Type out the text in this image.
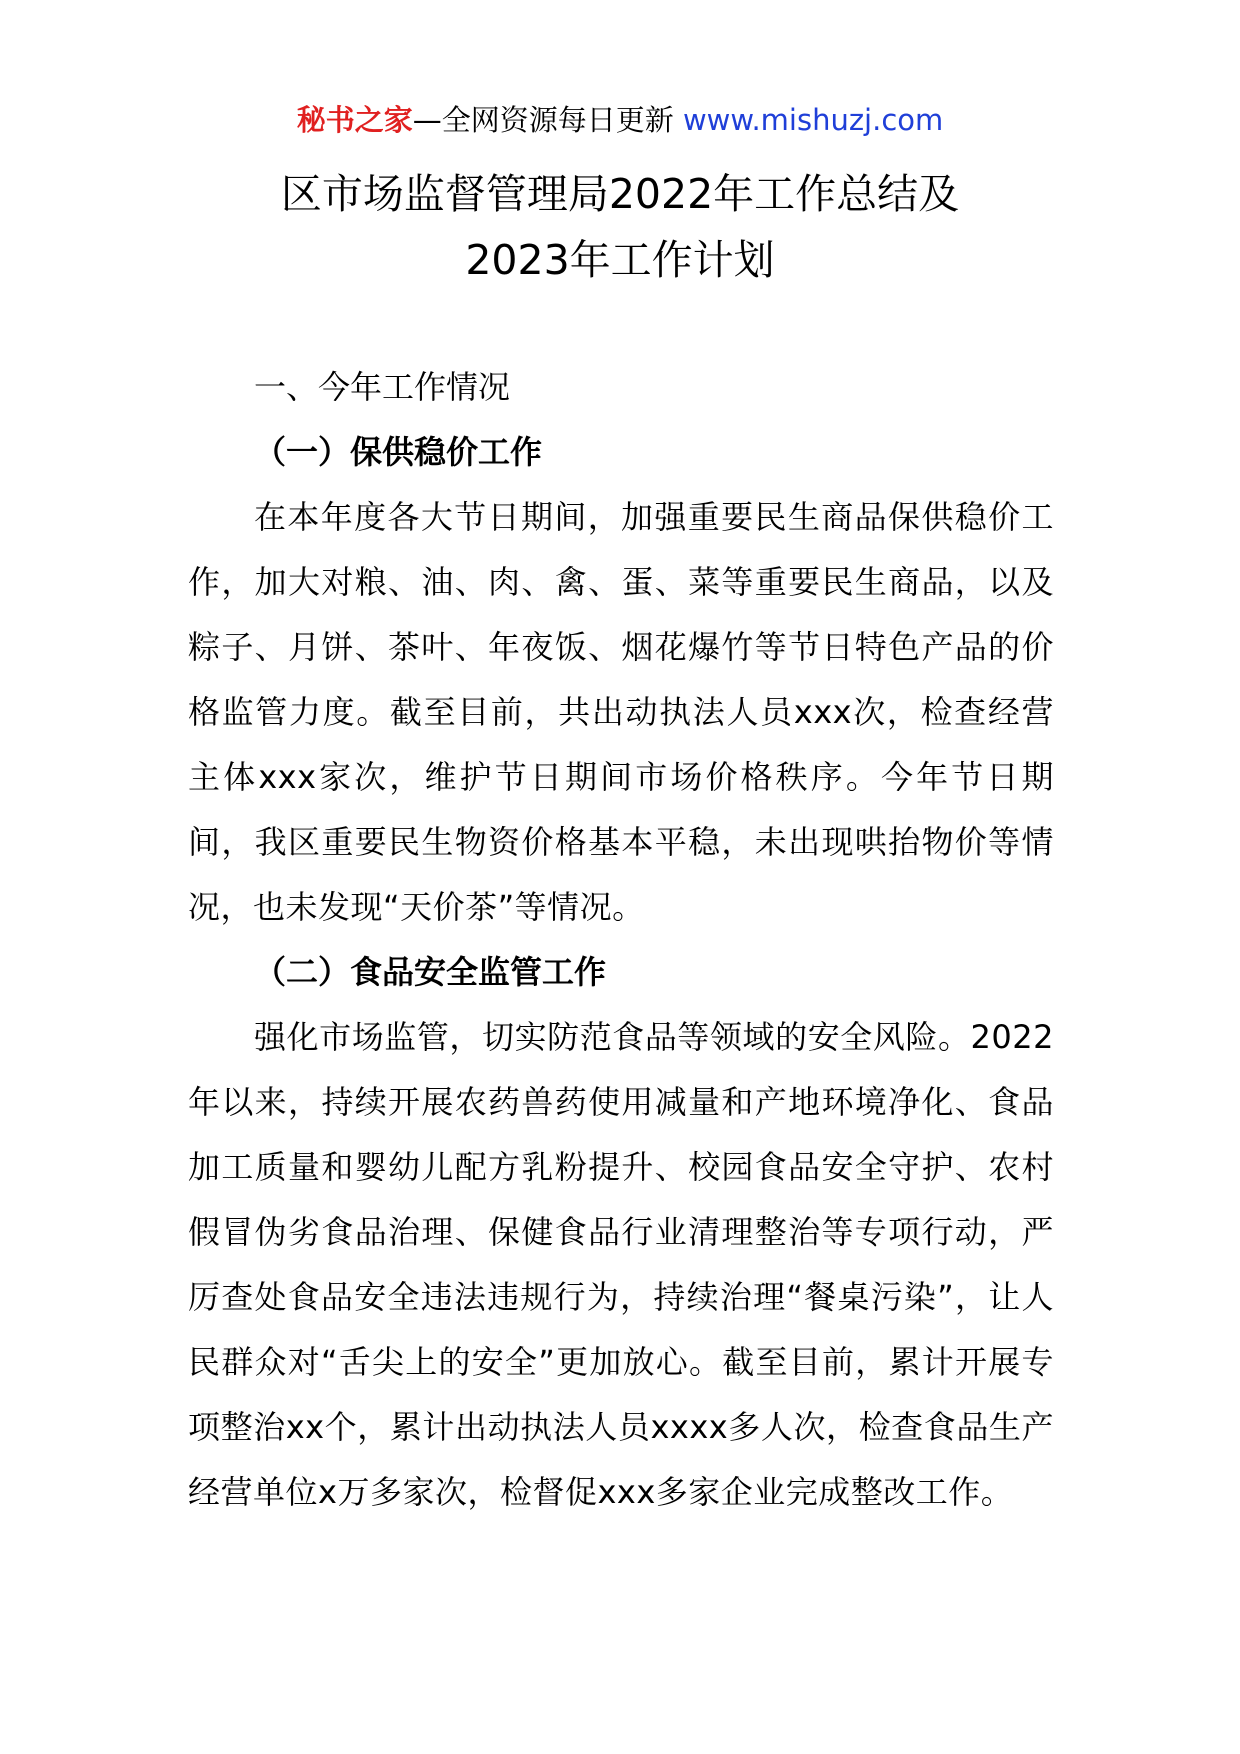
秘书之家—全网资源每日更新 www.mishuzj.com
区市场监督管理局2022年工作总结及
2023年工作计划
一、今年工作情况
（一）保供稳价工作
在本年度各大节日期间，加强重要民生商品保供稳价工作，加大对粮、油、肉、禽、蛋、菜等重要民生商品，以及粽子、月饼、茶叶、年夜饭、烟花爆竹等节日特色产品的价格监管力度。截至目前，共出动执法人员xxx次，检查经营主体xxx家次，维护节日期间市场价格秩序。今年节日期间，我区重要民生物资价格基本平稳，未出现哄抬物价等情况，也未发现“天价茶”等情况。
（二）食品安全监管工作
强化市场监管，切实防范食品等领域的安全风险。2022年以来，持续开展农药兽药使用减量和产地环境净化、食品加工质量和婴幼儿配方乳粉提升、校园食品安全守护、农村假冒伪劣食品治理、保健食品行业清理整治等专项行动，严厉查处食品安全违法违规行为，持续治理“餐桌污染”，让人民群众对“舌尖上的安全”更加放心。截至目前，累计开展专项整治xx个，累计出动执法人员xxxx多人次，检查食品生产经营单位x万多家次，检督促xxx多家企业完成整改工作。
